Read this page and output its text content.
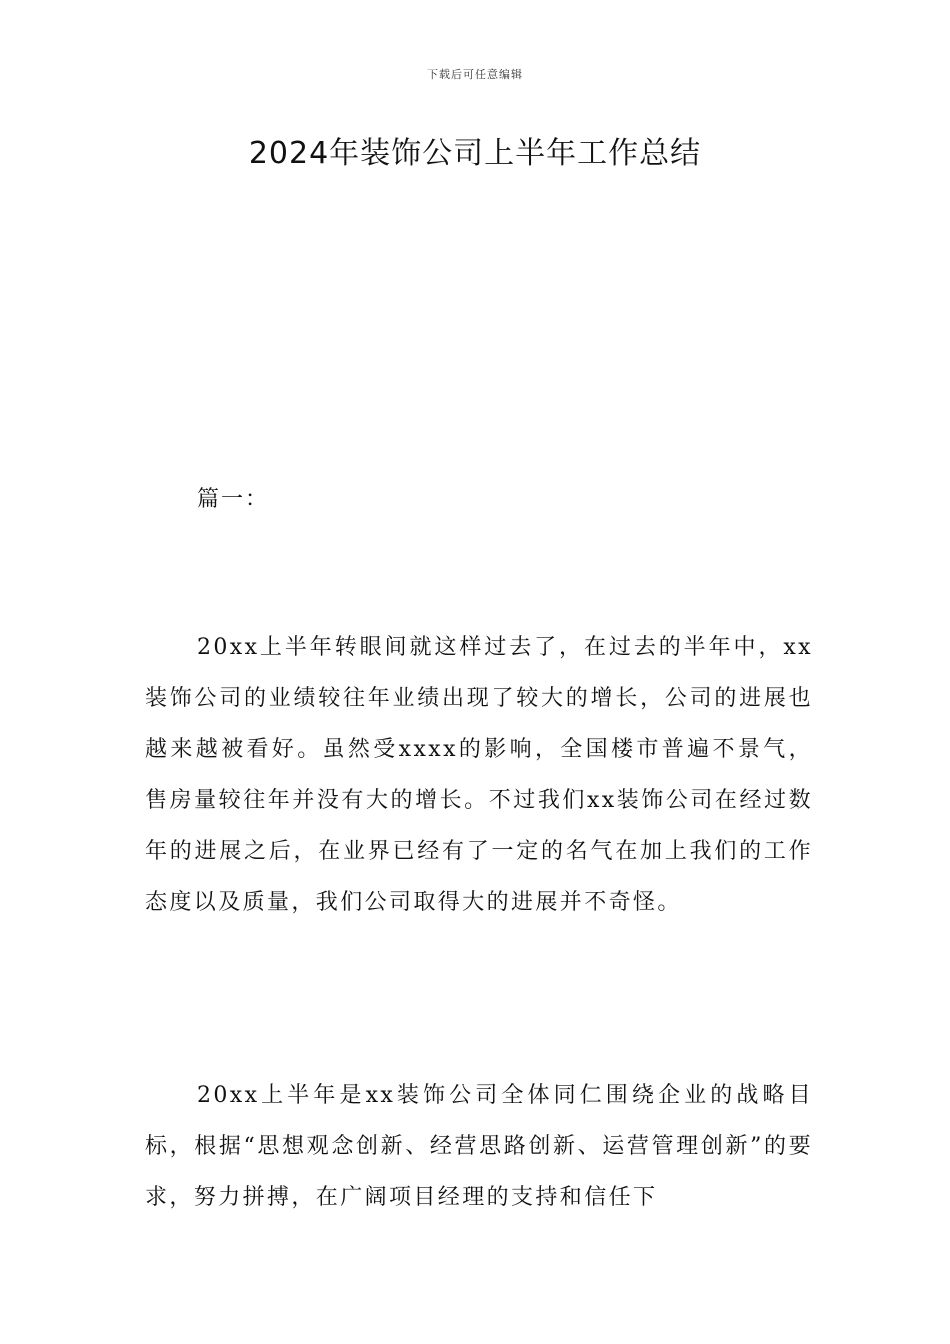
下载后可任意编辑
2024年装饰公司上半年工作总结
篇一：

20xx上半年转眼间就这样过去了，在过去的半年中，xx装饰公司的业绩较往年业绩出现了较大的增长，公司的进展也越来越被看好。虽然受xxxx的影响，全国楼市普遍不景气，售房量较往年并没有大的增长。不过我们xx装饰公司在经过数年的进展之后，在业界已经有了一定的名气在加上我们的工作态度以及质量，我们公司取得大的进展并不奇怪。

20xx上半年是xx装饰公司全体同仁围绕企业的战略目标，根据“思想观念创新、经营思路创新、运营管理创新”的要求，努力拼搏，在广阔项目经理的支持和信任下
